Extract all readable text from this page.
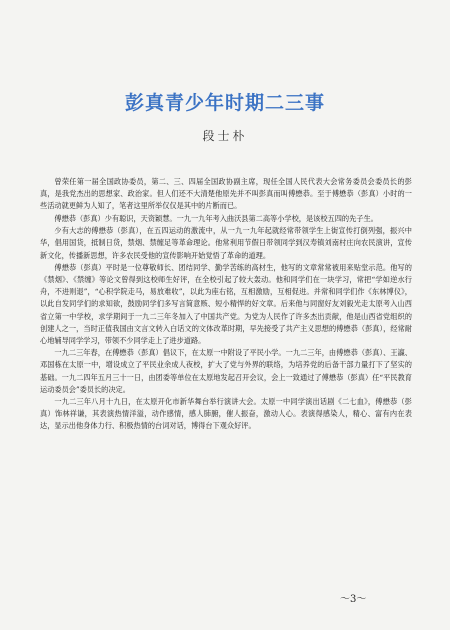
彭真青少年时期二三事
段士朴

曾荣任第一届全国政协委员，第二、三、四届全国政协副主席，现任全国人民代表大会常务委员会委员长的彭真，是我党杰出的思想家、政治家。但人们还不大清楚他原先并不叫彭真而叫傅懋恭。至于傅懋恭（彭真）小时的一些活动就更鲜为人知了，笔者这里所举仅仅是其中的片断而已。

傅懋恭（彭真）少有聪识，天资颖慧。一九一九年考入曲沃县第二高等小学校，是该校五四的先子生。

少有大志的傅懋恭（彭真），在五四运动的激流中，从一九一九年起就经常带领学生上街宣传打倒列强，振兴中华，倡用国货，抵制日货，禁烟、禁缠足等革命理论。他常利用节假日带领同学到汉寿镇刘南村庄向农民演讲，宣传新文化，传播新思想，许多农民受他的宣传影响开始觉悟了革命的道理。

傅懋恭（彭真）平时是一位尊敬师长、团结同学、勤学苦练的高材生，他写的文章常常被用来贴堂示范。他写的《禁烟》、《禁缠》等论文曾得到这校师生好评，在全校引起了较大轰动。他和同学们在一块学习，常把“学如逆水行舟，不进则退”，“心积学院走马，易放难收”，以此为座右铭，互相激励，互相促进。并常和同学们作《东林博仪》，以此自发同学们的求知欲，鼓励同学们多写言简意赅、短小精悍的好文章。后来他与同窗好友刘毅光走太原考入山西省立第一中学校，求学期间于一九二三年冬加入了中国共产党。为党为人民作了许多杰出贡献，他是山西省党组织的创建人之一，当时正值我国由文言文转入白话文的文体改革时期，早先接受了共产主义思想的傅懋恭（彭真），经常耐心地辅导同学学习，带领不少同学走上了进步道路。

一九二三年春，在傅懋恭（彭真）倡议下，在太原一中附设了平民小学。一九二三年，由傅懋恭（彭真）、王瀛、邓国栋在太原一中，增设成立了平民业余成人夜校，扩大了党与外界的联络，为培养党的后备干部力量打下了坚实的基础。一九二四年五月三十一日，由团委等单位在太原地发起召开会议，会上一致通过了傅懋恭（彭真）任“平民教育运动委员会”委员长的决定。

一九二三年八月十九日，在太原开化市新华舞台举行演讲大会。太原一中同学演出话剧《二七血》，傅懋恭（彭真）饰林祥谦，其表演热情洋溢，动作感情，感人肺腑，催人振奋，激动人心。表演得感染人，精心、富有内在表达，显示出他身体力行、积极热情的台词对话，博得台下观众好评。

～3～
